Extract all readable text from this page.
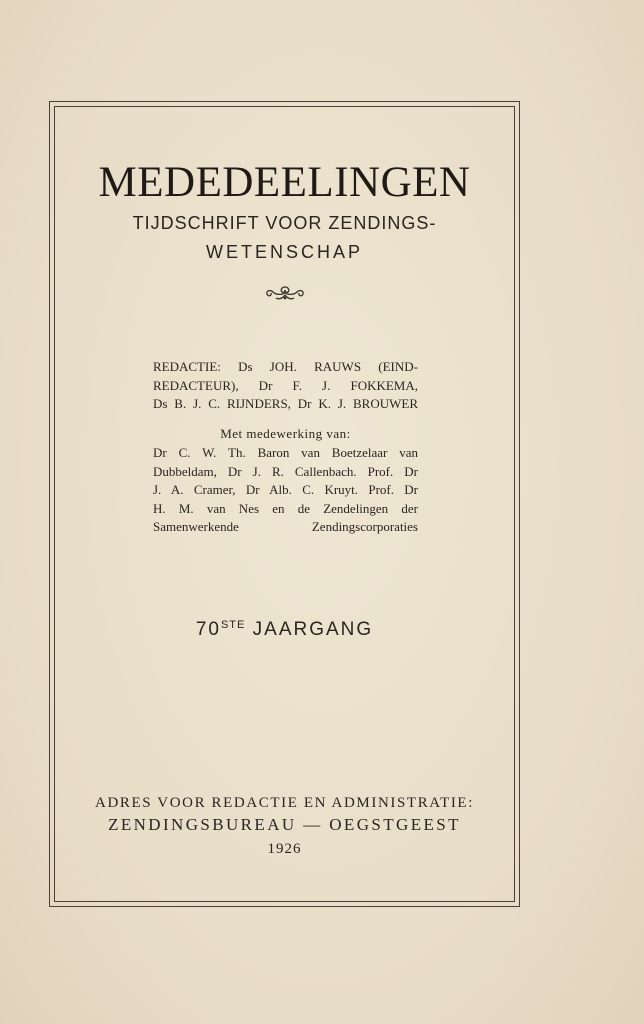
MEDEDEELINGEN
TIJDSCHRIFT VOOR ZENDINGS-
WETENSCHAP
REDACTIE: Ds JOH. RAUWS (EIND-
REDACTEUR), Dr F. J. FOKKEMA,
Ds B. J. C. RIJNDERS, Dr K. J. BROUWER
Met medewerking van:
Dr C. W. Th. Baron van Boetzelaar van
Dubbeldam, Dr J. R. Callenbach. Prof. Dr
J. A. Cramer, Dr Alb. C. Kruyt. Prof. Dr
H. M. van Nes en de Zendelingen der
Samenwerkende Zendingscorporaties
70STE JAARGANG
ADRES VOOR REDACTIE EN ADMINISTRATIE:
ZENDINGSBUREAU — OEGSTGEEST
1926
